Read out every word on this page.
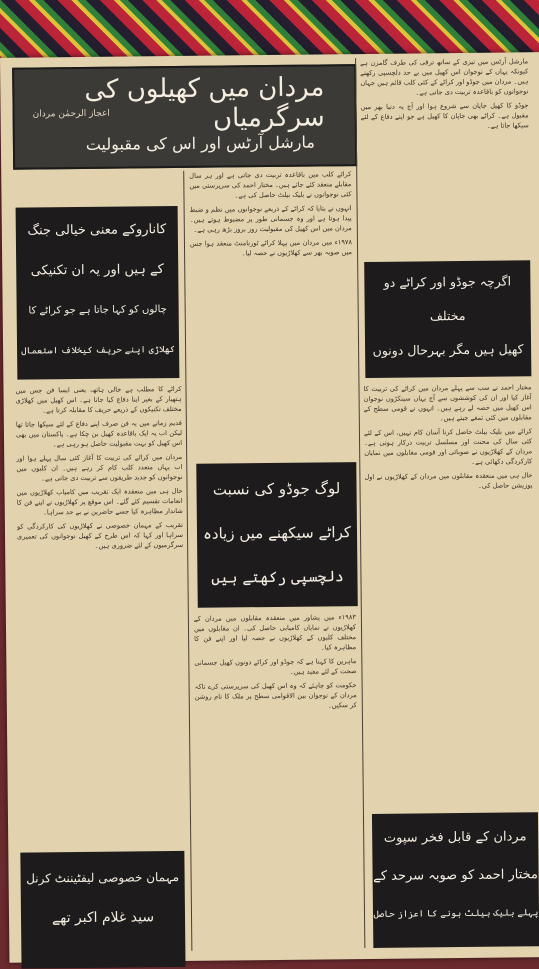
مردان میں کھیلوں کی سرگرمیاں
اعجاز الرحمٰن مردان
مارشل آرٹس اور اس کی مقبولیت

مارشل آرٹس میں تیزی کے ساتھ ترقی کی طرف گامزن ہے کیونکہ یہاں کے نوجوان اس کھیل میں بے حد دلچسپی رکھتے ہیں۔ مردان میں جوڈو اور کراٹے کے کئی کلب قائم ہیں جہاں نوجوانوں کو باقاعدہ تربیت دی جاتی ہے۔

جوڈو کا کھیل جاپان سے شروع ہوا اور آج یہ دنیا بھر میں مقبول ہے۔ کراٹے بھی جاپان کا کھیل ہے جو اپنے دفاع کے لئے سیکھا جاتا ہے۔

اگرچہ جوڈو اور کراٹے دو مختلف
کھیل ہیں مگر بہرحال دونوں

مختار احمد نے سب سے پہلے مردان میں کراٹے کی تربیت کا آغاز کیا اور ان کی کوششوں سے آج یہاں سینکڑوں نوجوان اس کھیل میں حصہ لے رہے ہیں۔ انہوں نے قومی سطح کے مقابلوں میں کئی تمغے جیتے ہیں۔

کراٹے میں بلیک بیلٹ حاصل کرنا آسان کام نہیں، اس کے لئے کئی سال کی محنت اور مسلسل تربیت درکار ہوتی ہے۔ مردان کے کھلاڑیوں نے صوبائی اور قومی مقابلوں میں نمایاں کارکردگی دکھائی ہے۔

حال ہی میں منعقدہ مقابلوں میں مردان کے کھلاڑیوں نے اول پوزیشن حاصل کی۔

مردان کے قابل فخر سپوت
مختار احمد کو صوبہ سرحد کے
پہلے بلیک بیلٹ ہونے کا اعزاز حاصل

کراٹے کلب میں باقاعدہ تربیت دی جاتی ہے اور ہر سال مقابلے منعقد کئے جاتے ہیں۔ مختار احمد کی سرپرستی میں کئی نوجوانوں نے بلیک بیلٹ حاصل کی ہے۔

انہوں نے بتایا کہ کراٹے کے ذریعے نوجوانوں میں نظم و ضبط پیدا ہوتا ہے اور وہ جسمانی طور پر مضبوط ہوتے ہیں۔ مردان میں اس کھیل کی مقبولیت روز بروز بڑھ رہی ہے۔

۱۹۷۸ء میں مردان میں پہلا کراٹے ٹورنامنٹ منعقد ہوا جس میں صوبہ بھر سے کھلاڑیوں نے حصہ لیا۔

لوگ جوڈو کی نسبت
کراٹے سیکھنے میں زیادہ
دلچسپی رکھتے ہیں

۱۹۸۳ء میں پشاور میں منعقدہ مقابلوں میں مردان کے کھلاڑیوں نے نمایاں کامیابی حاصل کی۔ ان مقابلوں میں مختلف کلبوں کے کھلاڑیوں نے حصہ لیا اور اپنے فن کا مظاہرہ کیا۔

ماہرین کا کہنا ہے کہ جوڈو اور کراٹے دونوں کھیل جسمانی صحت کے لئے مفید ہیں۔

حکومت کو چاہئے کہ وہ اس کھیل کی سرپرستی کرے تاکہ مردان کے نوجوان بین الاقوامی سطح پر ملک کا نام روشن کر سکیں۔

کاناروکے معنی خیالی جنگ
کے ہیں اور یہ ان تکنیکی
چالوں کو کہا جاتا ہے جو کراٹے کا
کھلاڑی اپنے حریف کیخلاف استعمال

کراٹے کا مطلب ہے خالی ہاتھ، یعنی ایسا فن جس میں ہتھیار کے بغیر اپنا دفاع کیا جاتا ہے۔ اس کھیل میں کھلاڑی مختلف تکنیکوں کے ذریعے حریف کا مقابلہ کرتا ہے۔

قدیم زمانے میں یہ فن صرف اپنے دفاع کے لئے سیکھا جاتا تھا لیکن اب یہ ایک باقاعدہ کھیل بن چکا ہے۔ پاکستان میں بھی اس کھیل کو بہت مقبولیت حاصل ہو رہی ہے۔

مردان میں کراٹے کی تربیت کا آغاز کئی سال پہلے ہوا اور اب یہاں متعدد کلب کام کر رہے ہیں۔ ان کلبوں میں نوجوانوں کو جدید طریقوں سے تربیت دی جاتی ہے۔

حال ہی میں منعقدہ ایک تقریب میں کامیاب کھلاڑیوں میں انعامات تقسیم کئے گئے۔ اس موقع پر کھلاڑیوں نے اپنے فن کا شاندار مظاہرہ کیا جسے حاضرین نے بے حد سراہا۔

تقریب کے مہمان خصوصی نے کھلاڑیوں کی کارکردگی کو سراہا اور کہا کہ اس طرح کے کھیل نوجوانوں کی تعمیری سرگرمیوں کے لئے ضروری ہیں۔

مہمان خصوصی لیفٹیننٹ کرنل
سید غلام اکبر تھے
